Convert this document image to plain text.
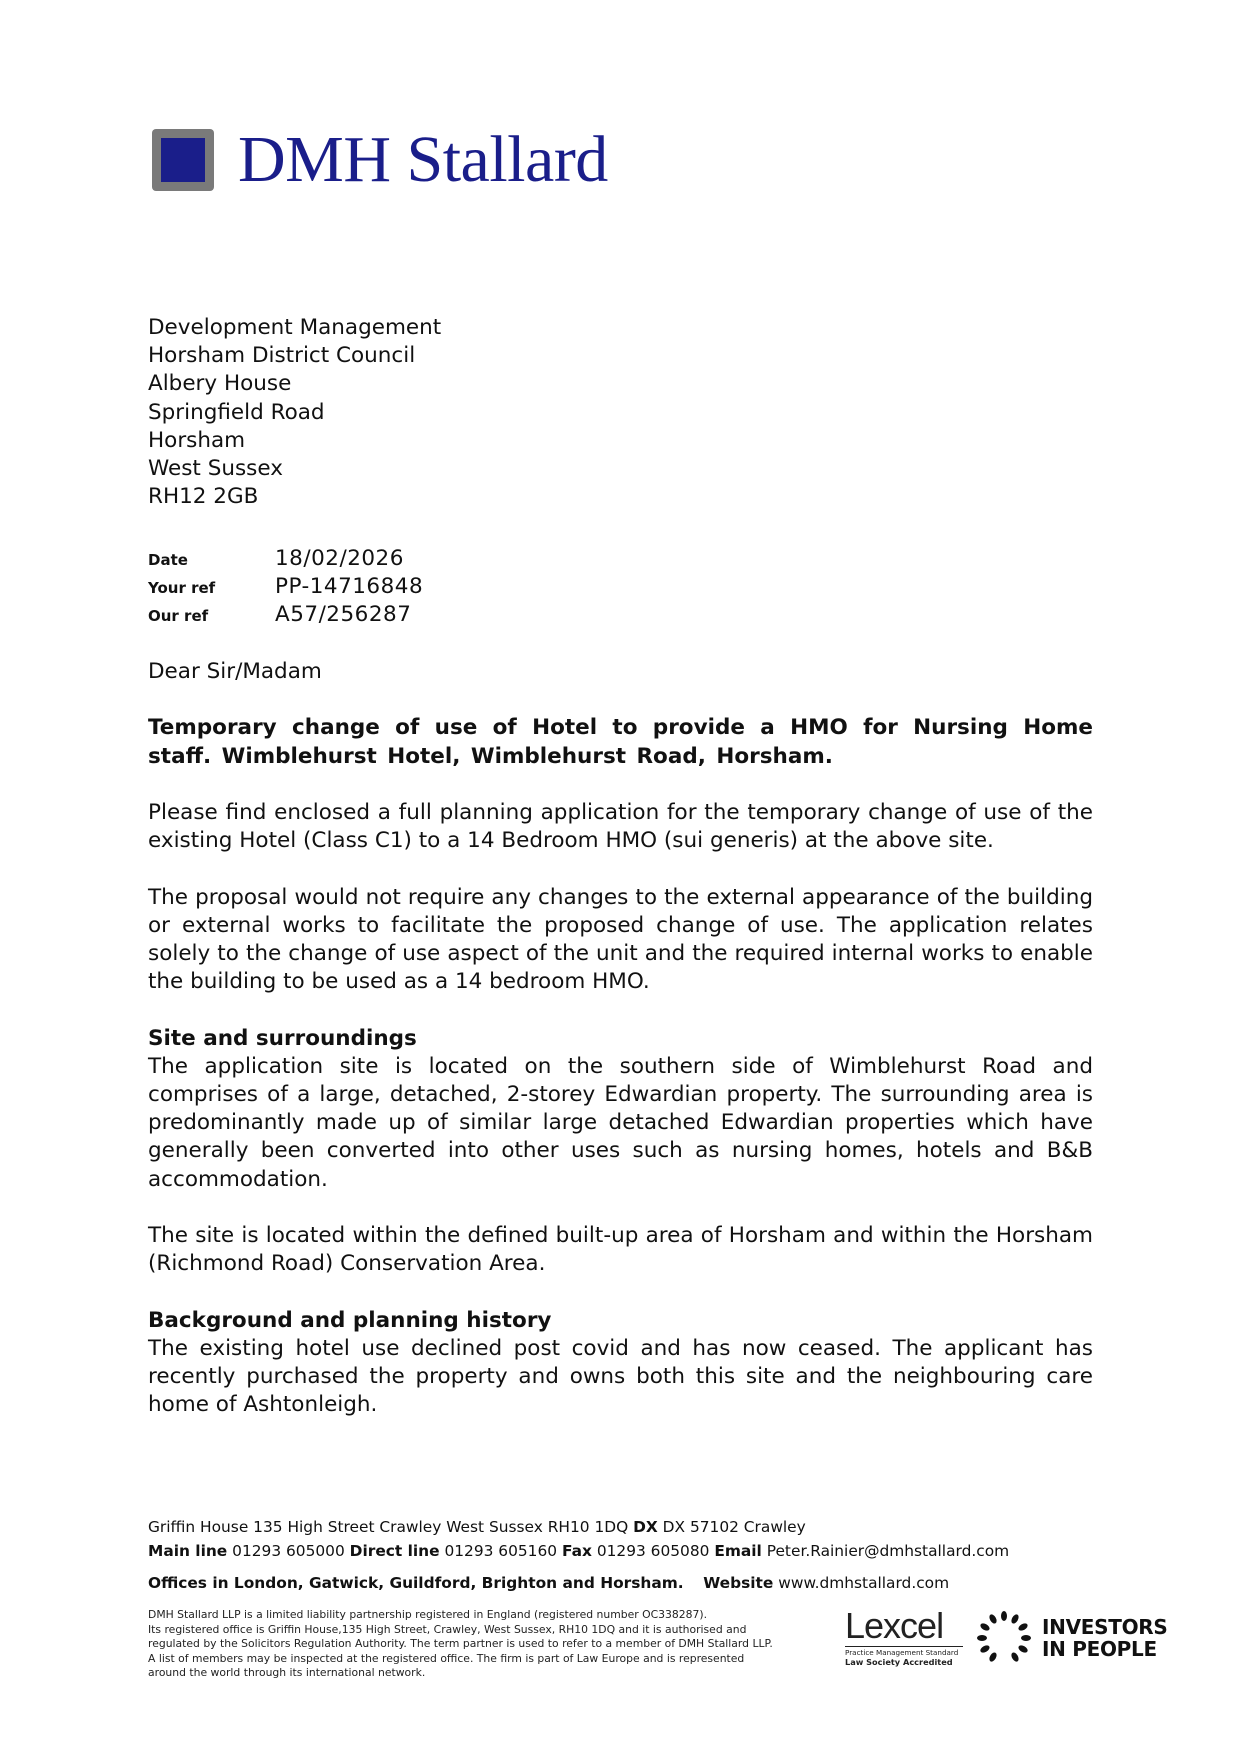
DMH Stallard
Development Management
Horsham District Council
Albery House
Springfield Road
Horsham
West Sussex
RH12 2GB
Date	18/02/2026
Your ref	PP-14716848
Our ref	A57/256287

Dear Sir/Madam

Temporary change of use of Hotel to provide a HMO for Nursing Home staff. Wimblehurst Hotel, Wimblehurst Road, Horsham.

Please find enclosed a full planning application for the temporary change of use of the existing Hotel (Class C1) to a 14 Bedroom HMO (sui generis) at the above site.

The proposal would not require any changes to the external appearance of the building or external works to facilitate the proposed change of use. The application relates solely to the change of use aspect of the unit and the required internal works to enable the building to be used as a 14 bedroom HMO.

Site and surroundings

The application site is located on the southern side of Wimblehurst Road and comprises of a large, detached, 2-storey Edwardian property. The surrounding area is predominantly made up of similar large detached Edwardian properties which have generally been converted into other uses such as nursing homes, hotels and B&B accommodation.

The site is located within the defined built-up area of Horsham and within the Horsham (Richmond Road) Conservation Area.

Background and planning history

The existing hotel use declined post covid and has now ceased. The applicant has recently purchased the property and owns both this site and the neighbouring care home of Ashtonleigh.

Griffin House 135 High Street Crawley West Sussex RH10 1DQ DX DX 57102 Crawley
Main line 01293 605000 Direct line 01293 605160 Fax 01293 605080 Email Peter.Rainier@dmhstallard.com
Offices in London, Gatwick, Guildford, Brighton and Horsham. Website www.dmhstallard.com
DMH Stallard LLP is a limited liability partnership registered in England (registered number OC338287).
Its registered office is Griffin House,135 High Street, Crawley, West Sussex, RH10 1DQ and it is authorised and
regulated by the Solicitors Regulation Authority. The term partner is used to refer to a member of DMH Stallard LLP.
A list of members may be inspected at the registered office. The firm is part of Law Europe and is represented
around the world through its international network.
Lexcel
Practice Management Standard
Law Society Accredited
INVESTORS
IN PEOPLE
